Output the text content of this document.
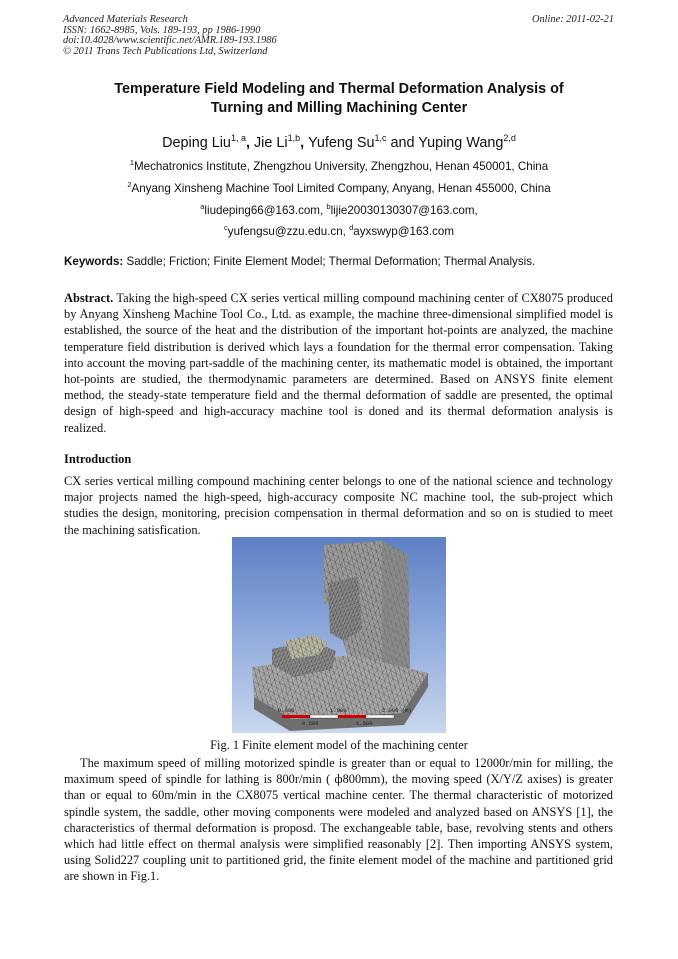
Advanced Materials Research
ISSN: 1662-8985, Vols. 189-193, pp 1986-1990
doi:10.4028/www.scientific.net/AMR.189-193.1986
© 2011 Trans Tech Publications Ltd, Switzerland
Online: 2011-02-21
Temperature Field Modeling and Thermal Deformation Analysis of
Turning and Milling Machining Center
Deping Liu$^{1, a}$, Jie Li$^{1,b}$, Yufeng Su$^{1,c}$ and Yuping Wang$^{2,d}$
$^1$Mechatronics Institute, Zhengzhou University, Zhengzhou, Henan 450001, China
$^2$Anyang Xinsheng Machine Tool Limited Company, Anyang, Henan 455000, China
$^a$liudeping66@163.com, $^b$lijie20030130307@163.com,
$^c$yufengsu@zzu.edu.cn, $^d$ayxswyp@163.com
Keywords: Saddle; Friction; Finite Element Model; Thermal Deformation; Thermal Analysis.
Abstract. Taking the high-speed CX series vertical milling compound machining center of CX8075 produced by Anyang Xinsheng Machine Tool Co., Ltd. as example, the machine three-dimensional simplified model is established, the source of the heat and the distribution of the important hot-points are analyzed, the machine temperature field distribution is derived which lays a foundation for the thermal error compensation. Taking into account the moving part-saddle of the machining center, its mathematic model is obtained, the important hot-points are studied, the thermodynamic parameters are determined. Based on ANSYS finite element method, the steady-state temperature field and the thermal deformation of saddle are presented, the optimal design of high-speed and high-accuracy machine tool is doned and its thermal deformation analysis is realized.
Introduction
CX series vertical milling compound machining center belongs to one of the national science and technology major projects named the high-speed, high-accuracy composite NC machine tool, the sub-project which studies the design, monitoring, precision compensation in thermal deformation and so on is studied to meet the machining satisfication.
0.000	1.000	2.000 (m)
0.500	1.500
Fig. 1 Finite element model of the machining center
The maximum speed of milling motorized spindle is greater than or equal to 12000r/min for milling, the maximum speed of spindle for lathing is 800r/min ( ф800mm), the moving speed (X/Y/Z axises) is greater than or equal to 60m/min in the CX8075 vertical machine center. The thermal characteristic of motorized spindle system, the saddle, other moving components were modeled and analyzed based on ANSYS [1], the characteristics of thermal deformation is proposd. The exchangeable table, base, revolving stents and others which had little effect on thermal analysis were simplified reasonably [2]. Then importing ANSYS system, using Solid227 coupling unit to partitioned grid, the finite element model of the machine and partitioned grid are shown in Fig.1.
